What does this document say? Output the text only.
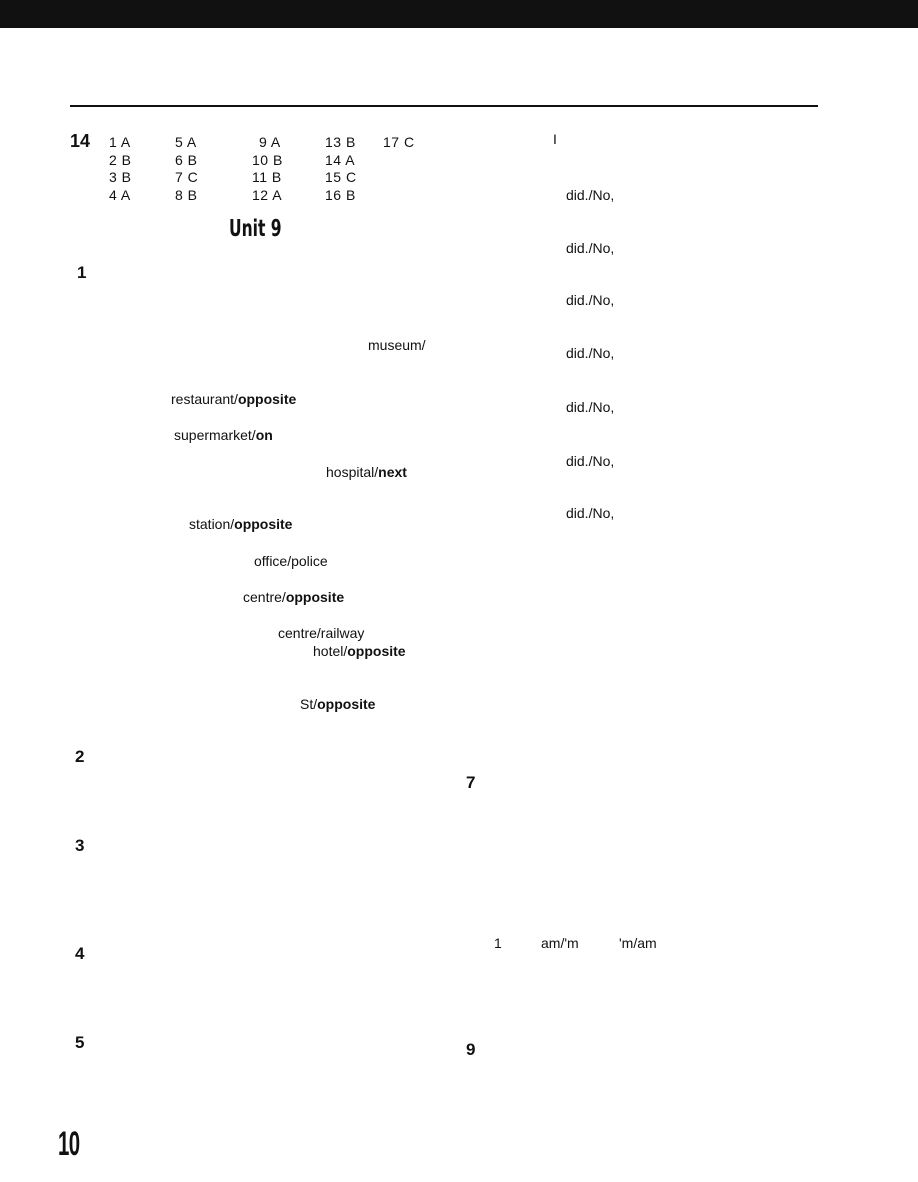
14 1 A
2 B
3 B
4 A
5 A
6 B
7 C
8 B
9 A
10 B
11 B
12 A
13 B
14 A
15 C
16 B
17 C
Unit 9
1
2
3
4
5
museum/
restaurant/opposite
supermarket/on
hospital/next
station/opposite
office/police
centre/opposite
centre/railway
hotel/opposite
St/opposite
I
did./No,
did./No,
did./No,
did./No,
did./No,
did./No,
did./No,
7
1	am/'m	'm/am
9
10
